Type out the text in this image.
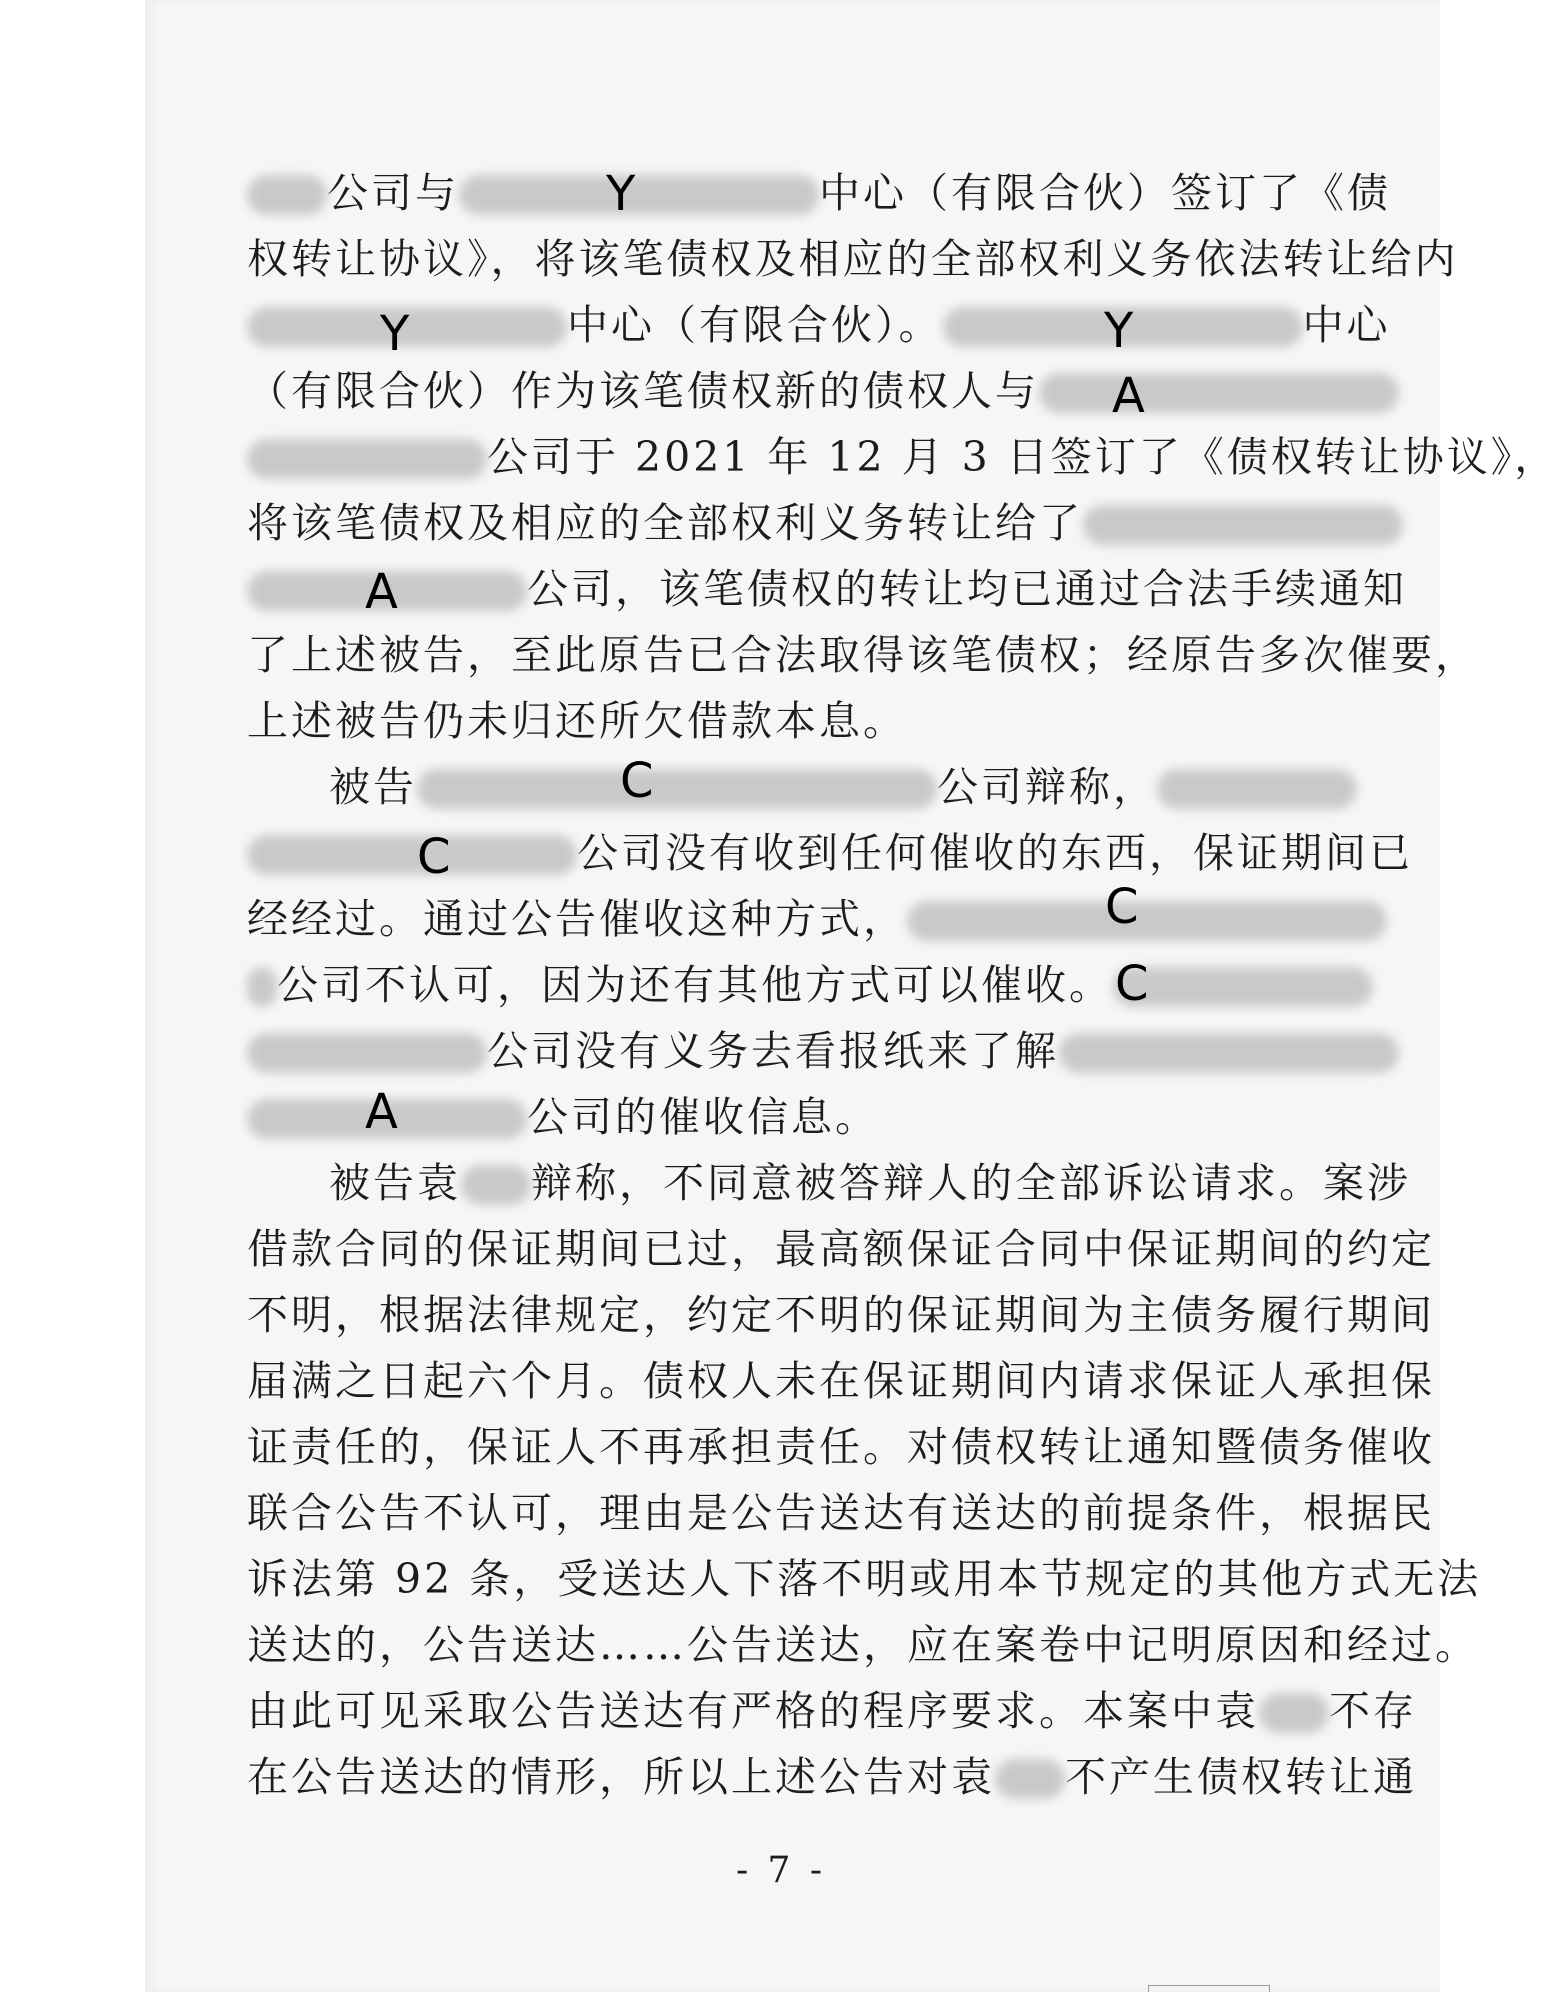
公司与	中心（有限合伙）签订了《债
权转让协议》，将该笔债权及相应的全部权利义务依法转让给内
中心（有限合伙）。	中心
（有限合伙）作为该笔债权新的债权人与
公司于 2021 年 12 月 3 日签订了《债权转让协议》，
将该笔债权及相应的全部权利义务转让给了
公司，该笔债权的转让均已通过合法手续通知
了上述被告，至此原告已合法取得该笔债权；经原告多次催要，
上述被告仍未归还所欠借款本息。
被告	公司辩称，
公司没有收到任何催收的东西，保证期间已
经经过。通过公告催收这种方式，
公司不认可，因为还有其他方式可以催收。
公司没有义务去看报纸来了解
公司的催收信息。
被告袁 辩称，不同意被答辩人的全部诉讼请求。案涉
借款合同的保证期间已过，最高额保证合同中保证期间的约定
不明，根据法律规定，约定不明的保证期间为主债务履行期间
届满之日起六个月。债权人未在保证期间内请求保证人承担保
证责任的，保证人不再承担责任。对债权转让通知暨债务催收
联合公告不认可，理由是公告送达有送达的前提条件，根据民
诉法第 92 条，受送达人下落不明或用本节规定的其他方式无法
送达的，公告送达……公告送达，应在案卷中记明原因和经过。
由此可见采取公告送达有严格的程序要求。本案中袁 不存
在公告送达的情形，所以上述公告对袁 不产生债权转让通
Y
Y	Y
A
A
C
C
C
C
A
- 7 -
